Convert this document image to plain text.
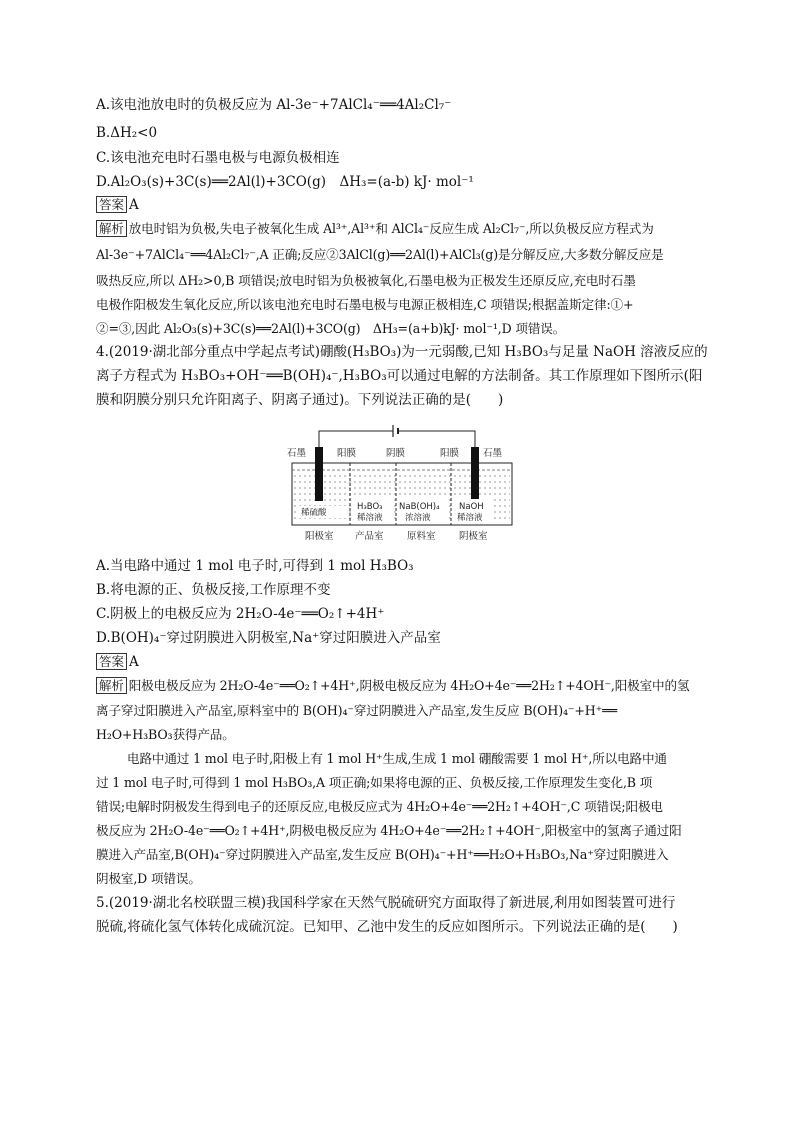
A.该电池放电时的负极反应为 Al-3e⁻+7AlCl₄⁻══4Al₂Cl₇⁻
B.ΔH₂<0
C.该电池充电时石墨电极与电源负极相连
D.Al₂O₃(s)+3C(s)══2Al(l)+3CO(g)　ΔH₃=(a-b) kJ· mol⁻¹
答案 A
解析 放电时铝为负极,失电子被氧化生成 Al³⁺,Al³⁺和 AlCl₄⁻反应生成 Al₂Cl₇⁻,所以负极反应方程式为
Al-3e⁻+7AlCl₄⁻══4Al₂Cl₇⁻,A 正确;反应②3AlCl(g)══2Al(l)+AlCl₃(g)是分解反应,大多数分解反应是
吸热反应,所以 ΔH₂>0,B 项错误;放电时铝为负极被氧化,石墨电极为正极发生还原反应,充电时石墨
电极作阳极发生氧化反应,所以该电池充电时石墨电极与电源正极相连,C 项错误;根据盖斯定律:①+
②=③,因此 Al₂O₃(s)+3C(s)══2Al(l)+3CO(g)　ΔH₃=(a+b)kJ· mol⁻¹,D 项错误。
4.(2019·湖北部分重点中学起点考试)硼酸(H₃BO₃)为一元弱酸,已知 H₃BO₃与足量 NaOH 溶液反应的
离子方程式为 H₃BO₃+OH⁻══B(OH)₄⁻,H₃BO₃可以通过电解的方法制备。其工作原理如下图所示(阳
膜和阴膜分别只允许阳离子、阴离子通过)。下列说法正确的是(　　)
石墨	阳膜	阴膜	阳膜	石墨
稀硫酸
H₃BO₃
稀溶液
NaB(OH)₄
浓溶液
NaOH
稀溶液
阳极室 产品室 原料室 阴极室
A.当电路中通过 1 mol 电子时,可得到 1 mol H₃BO₃
B.将电源的正、负极反接,工作原理不变
C.阴极上的电极反应为 2H₂O-4e⁻══O₂↑+4H⁺
D.B(OH)₄⁻穿过阴膜进入阴极室,Na⁺穿过阳膜进入产品室
答案 A
解析 阳极电极反应为 2H₂O-4e⁻══O₂↑+4H⁺,阴极电极反应为 4H₂O+4e⁻══2H₂↑+4OH⁻,阳极室中的氢
离子穿过阳膜进入产品室,原料室中的 B(OH)₄⁻穿过阴膜进入产品室,发生反应 B(OH)₄⁻+H⁺══
H₂O+H₃BO₃获得产品。
电路中通过 1 mol 电子时,阳极上有 1 mol H⁺生成,生成 1 mol 硼酸需要 1 mol H⁺,所以电路中通
过 1 mol 电子时,可得到 1 mol H₃BO₃,A 项正确;如果将电源的正、负极反接,工作原理发生变化,B 项
错误;电解时阴极发生得到电子的还原反应,电极反应式为 4H₂O+4e⁻══2H₂↑+4OH⁻,C 项错误;阳极电
极反应为 2H₂O-4e⁻══O₂↑+4H⁺,阴极电极反应为 4H₂O+4e⁻══2H₂↑+4OH⁻,阳极室中的氢离子通过阳
膜进入产品室,B(OH)₄⁻穿过阴膜进入产品室,发生反应 B(OH)₄⁻+H⁺══H₂O+H₃BO₃,Na⁺穿过阳膜进入
阴极室,D 项错误。
5.(2019·湖北名校联盟三模)我国科学家在天然气脱硫研究方面取得了新进展,利用如图装置可进行
脱硫,将硫化氢气体转化成硫沉淀。已知甲、乙池中发生的反应如图所示。下列说法正确的是(　　)
